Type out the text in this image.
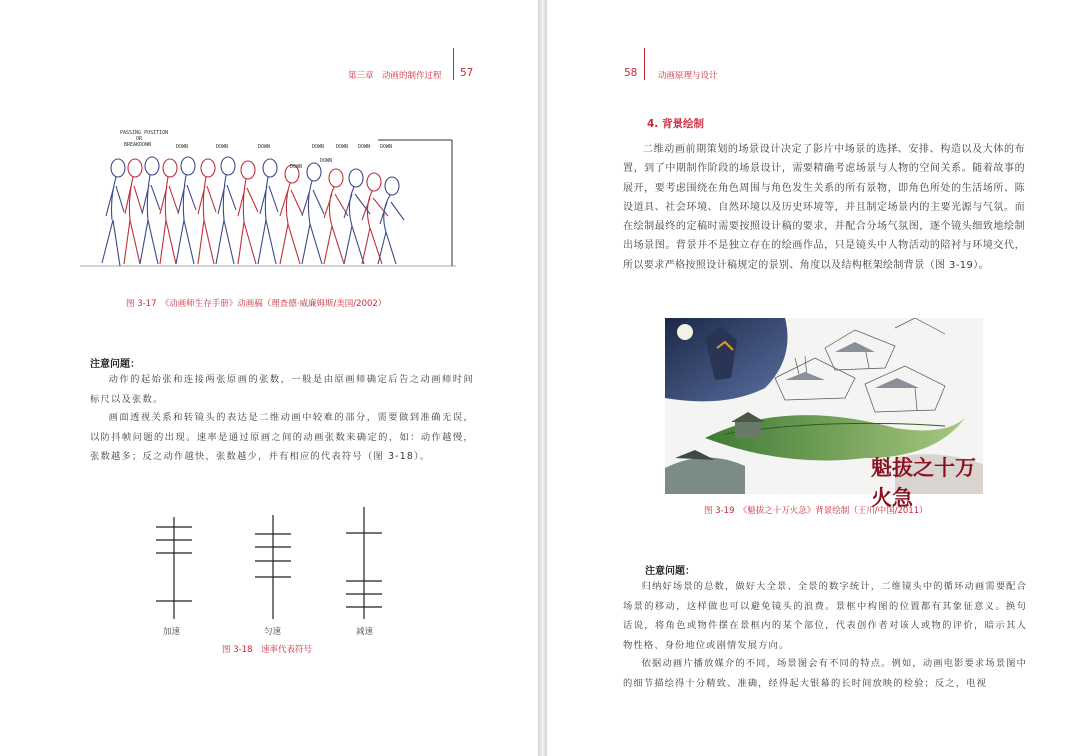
第三章　动画的制作过程 57
PASSING POSITION
OR
BREAKDOWN	DOWN	DOWN	DOWN	DOWN DOWN DOWN DOWN
DOWN
DOWN
图 3-17　《动画师生存手册》动画稿（理查德·威廉姆斯/美国/2002）
注意问题：

动作的起始张和连接两张原画的张数，一般是由原画师确定后告之动画师时间标尺以及张数。

画面透视关系和转镜头的表达是二维动画中较难的部分，需要做到准确无误，以防抖帧问题的出现。速率是通过原画之间的动画张数来确定的，如：动作越慢，张数越多；反之动作越快，张数越少，并有相应的代表符号（图 3-18）。

加速	匀速	减速
图 3-18　速率代表符号
58 动画原理与设计
4. 背景绘制

二维动画前期策划的场景设计决定了影片中场景的选择、安排、构造以及大体的布置，到了中期制作阶段的场景设计，需要精确考虑场景与人物的空间关系。随着故事的展开，要考虑围绕在角色周围与角色发生关系的所有景物，即角色所处的生活场所、陈设道具、社会环境、自然环境以及历史环境等，并且制定场景内的主要光源与气氛。而在绘制最终的定稿时需要按照设计稿的要求，并配合分场气氛图，逐个镜头细致地绘制出场景图。背景并不是独立存在的绘画作品，只是镜头中人物活动的陪衬与环境交代，所以要求严格按照设计稿规定的景别、角度以及结构框架绘制背景（图 3-19）。

魁拔之十万火急
图 3-19　《魁拔之十万火急》背景绘制（王川/中国/2011）
注意问题：

归纳好场景的总数，做好大全景、全景的数字统计，二维镜头中的循环动画需要配合场景的移动，这样做也可以避免镜头的浪费。景框中构图的位置都有其象征意义。换句话说，将角色或物件摆在景框内的某个部位，代表创作者对该人或物的评价，暗示其人物性格、身份地位或剧情发展方向。

依据动画片播放媒介的不同，场景图会有不同的特点。例如，动画电影要求场景图中的细节描绘得十分精致、准确，经得起大银幕的长时间放映的检验；反之，电视
